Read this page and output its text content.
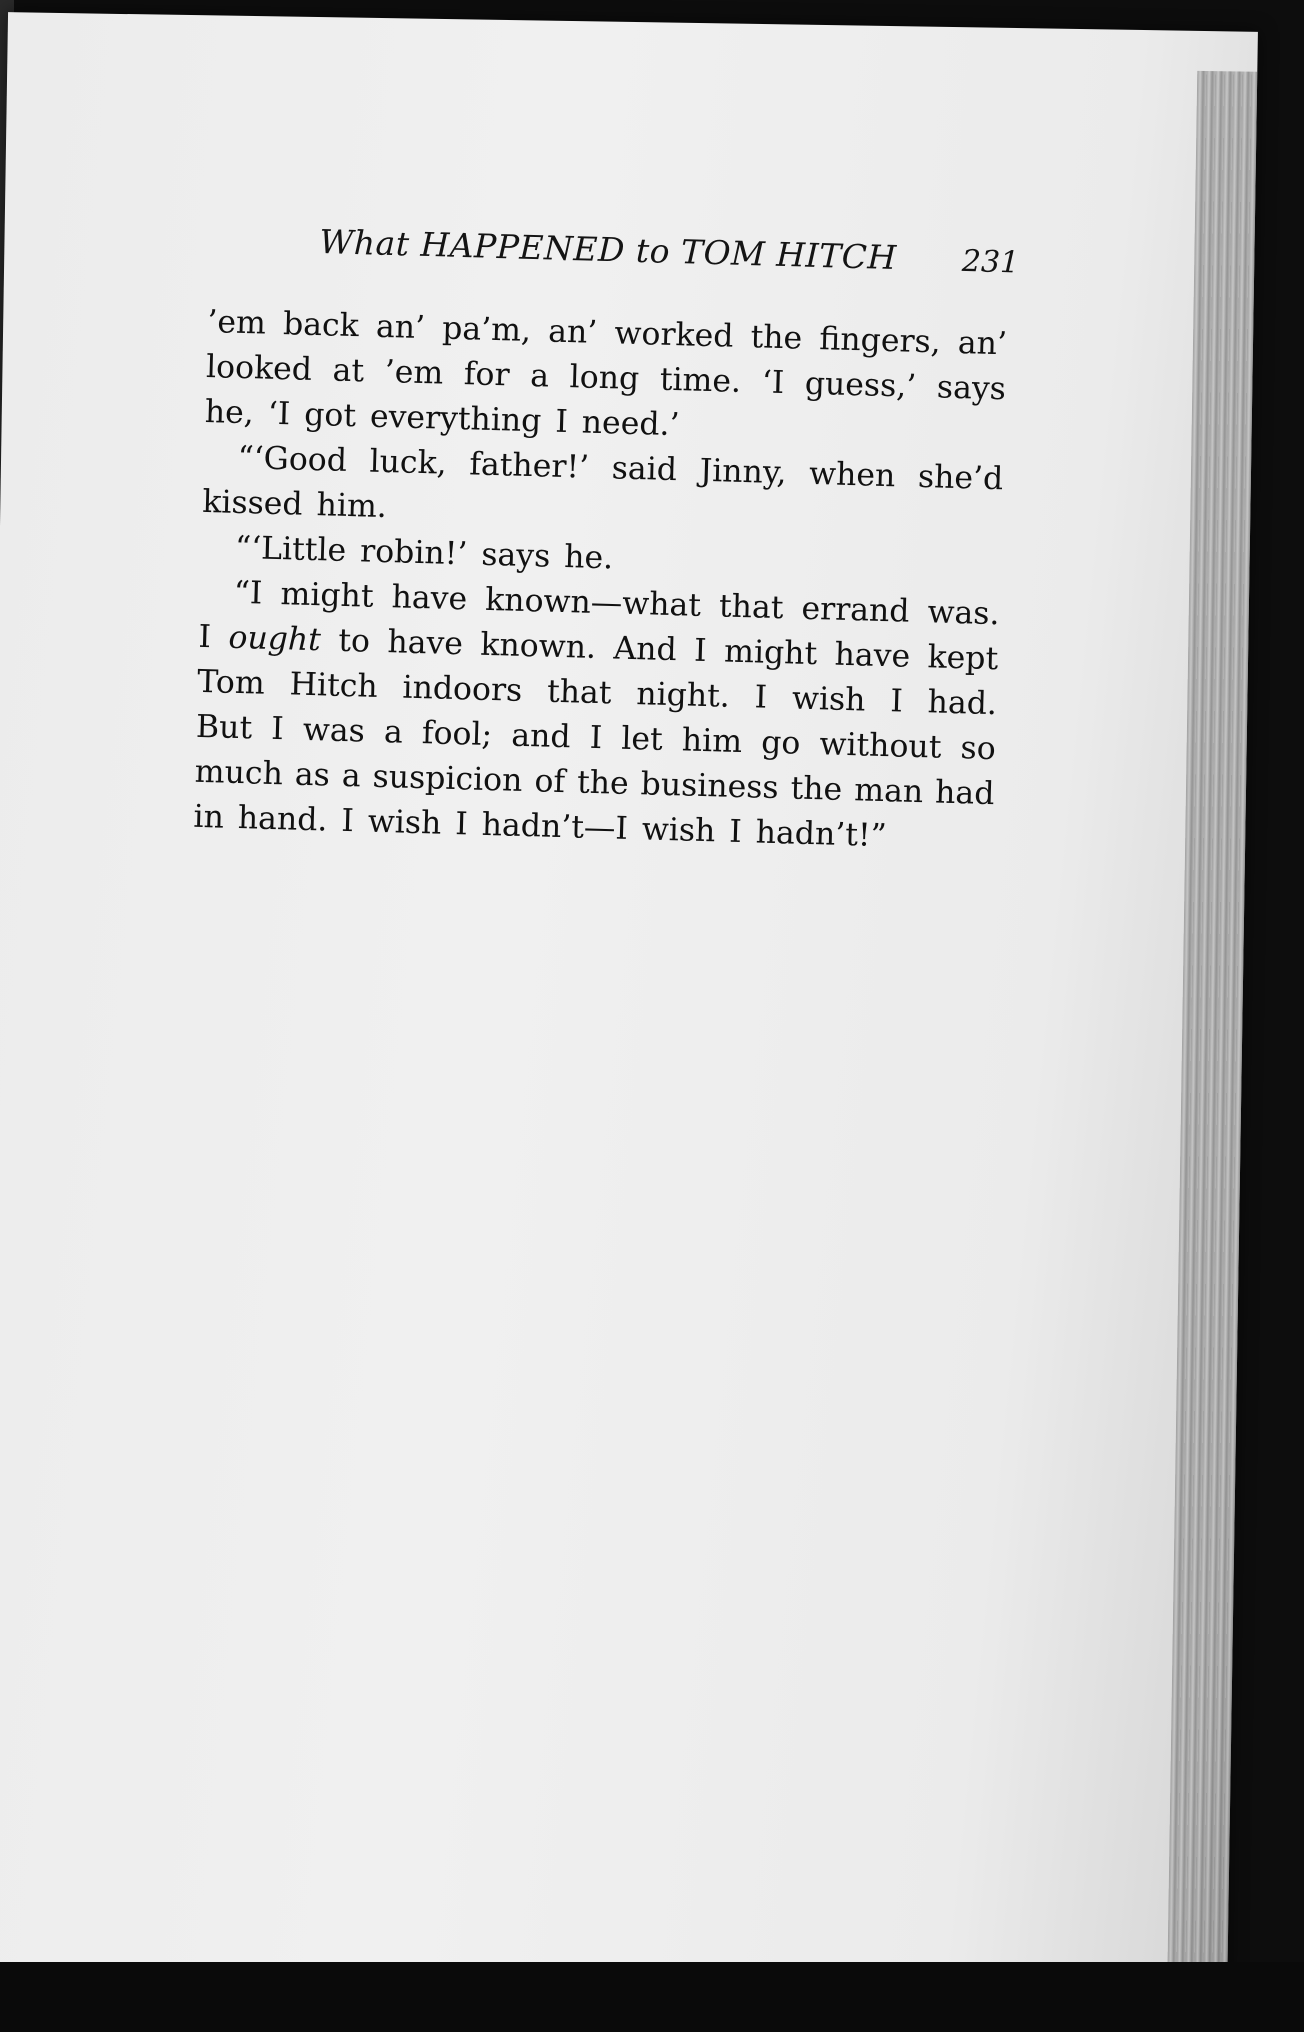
What HAPPENED to TOM HITCH 231
’em back an’ pa’m, an’ worked the fingers, an’
looked at ’em for a long time. ‘I guess,’ says
he, ‘I got everything I need.’
“‘Good luck, father!’ said Jinny, when she’d
kissed him.
“‘Little robin!’ says he.
“I might have known—what that errand was.
I ought to have known. And I might have kept
Tom Hitch indoors that night. I wish I had.
But I was a fool; and I let him go without so
much as a suspicion of the business the man had
in hand. I wish I hadn’t—I wish I hadn’t!”
